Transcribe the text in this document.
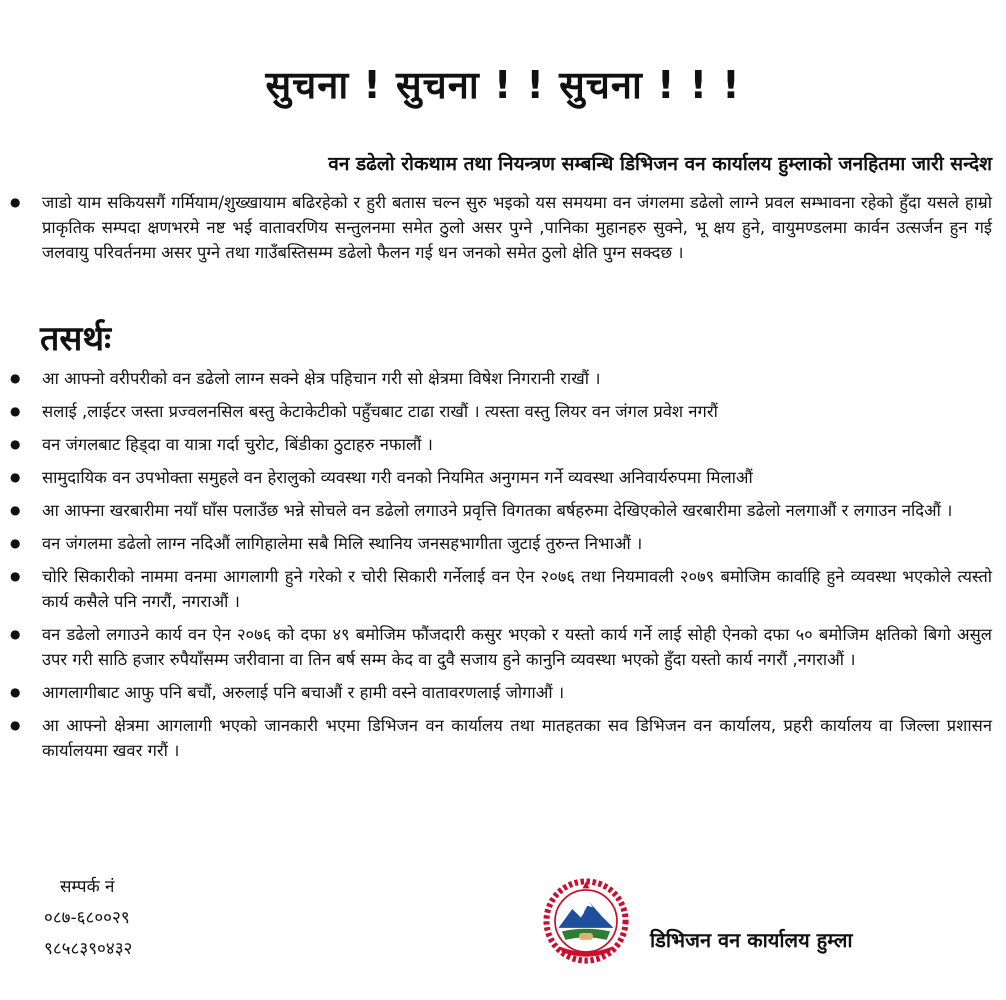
सुचना ! सुचना ! ! सुचना ! ! !
वन डढेलो रोकथाम तथा नियन्त्रण सम्बन्धि डिभिजन वन कार्यालय हुम्लाको जनहितमा जारी सन्देश
● जाडो याम सकियसगैं गर्मियाम/शुख्खायाम बढिरहेको र हुरी बतास चल्न सुरु भइको यस समयमा वन जंगलमा डढेलो लाग्ने प्रवल सम्भावना रहेको हुँदा यसले हाम्रो प्राकृतिक सम्पदा क्षणभरमे नष्ट भई वातावरणिय सन्तुलनमा समेत ठुलो असर पुग्ने ,पानिका मुहानहरु सुक्ने, भू क्षय हुने, वायुमण्डलमा कार्वन उत्सर्जन हुन गई जलवायु परिवर्तनमा असर पुग्ने तथा गाउँबस्तिसम्म डढेलो फैलन गई धन जनको समेत ठुलो क्षेति पुग्न सक्दछ ।
तसर्थः
● आ आफ्नो वरीपरीको वन डढेलो लाग्न सक्ने क्षेत्र पहिचान गरी सो क्षेत्रमा विषेश निगरानी राखौं ।
● सलाई ,लाईटर जस्ता प्रज्वलनसिल बस्तु केटाकेटीको पहुँचबाट टाढा राखौं । त्यस्ता वस्तु लियर वन जंगल प्रवेश नगरौं
● वन जंगलबाट हिड्दा वा यात्रा गर्दा चुरोट, बिंडीका ठुटाहरु नफालौं ।
● सामुदायिक वन उपभोक्ता समुहले वन हेरालुको व्यवस्था गरी वनको नियमित अनुगमन गर्ने व्यवस्था अनिवार्यरुपमा मिलाऔं
● आ आफ्ना खरबारीमा नयाँ घाँस पलाउँछ भन्ने सोचले वन डढेलो लगाउने प्रवृत्ति विगतका बर्षहरुमा देखिएकोले खरबारीमा डढेलो नलगाऔं र लगाउन नदिऔं ।
● वन जंगलमा डढेलो लाग्न नदिऔं लागिहालेमा सबै मिलि स्थानिय जनसहभागीता जुटाई तुरुन्त निभाऔं ।
● चोरि सिकारीको नाममा वनमा आगलागी हुने गरेको र चोरी सिकारी गर्नेलाई वन ऐन २०७६ तथा नियमावली २०७९ बमोजिम कार्वाहि हुने व्यवस्था भएकोले त्यस्तो कार्य कसैले पनि नगरौं, नगराऔं ।
● वन डढेलो लगाउने कार्य वन ऐन २०७६ को दफा ४९ बमोजिम फौंजदारी कसुर भएको र यस्तो कार्य गर्ने लाई सोही ऐनको दफा ५० बमोजिम क्षतिको बिगो असुल उपर गरी साठि हजार रुपैयाँसम्म जरीवाना वा तिन बर्ष सम्म केद वा दुवै सजाय हुने कानुनि व्यवस्था भएको हुँदा यस्तो कार्य नगरौं ,नगराऔं ।
● आगलागीबाट आफु पनि बचौं, अरुलाई पनि बचाऔं र हामी वस्ने वातावरणलाई जोगाऔं ।
● आ आफ्नो क्षेत्रमा आगलागी भएको जानकारी भएमा डिभिजन वन कार्यालय तथा मातहतका सव डिभिजन वन कार्यालय, प्रहरी कार्यालय वा जिल्ला प्रशासन कार्यालयमा खवर गरौं ।
सम्पर्क नं
०८७-६८००२९
९८५८३९०४३२	डिभिजन वन कार्यालय हुम्ला
